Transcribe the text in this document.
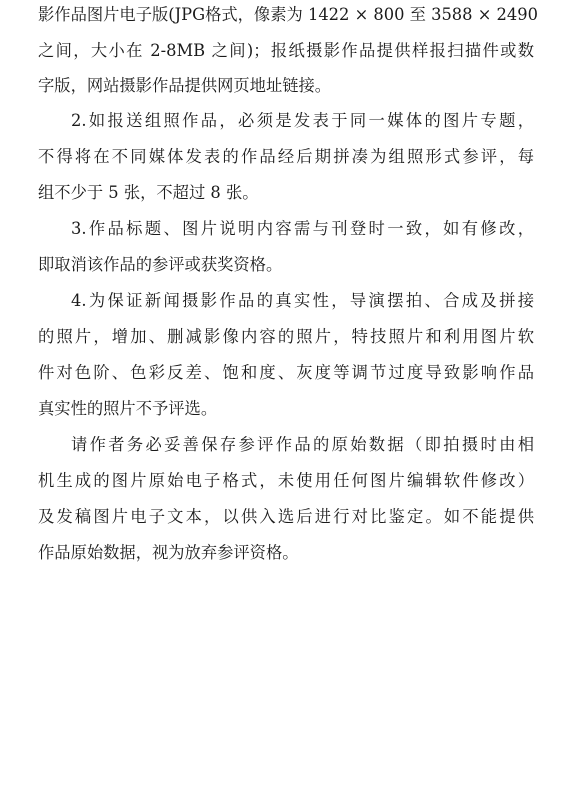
影作品图片电子版(JPG格式，像素为 1422 × 800 至 3588 × 2490

之间，大小在 2-8MB 之间)；报纸摄影作品提供样报扫描件或数

字版，网站摄影作品提供网页地址链接。

2.如报送组照作品，必须是发表于同一媒体的图片专题，

不得将在不同媒体发表的作品经后期拼凑为组照形式参评，每

组不少于 5 张，不超过 8 张。

3.作品标题、图片说明内容需与刊登时一致，如有修改，

即取消该作品的参评或获奖资格。

4.为保证新闻摄影作品的真实性，导演摆拍、合成及拼接

的照片，增加、删减影像内容的照片，特技照片和利用图片软

件对色阶、色彩反差、饱和度、灰度等调节过度导致影响作品

真实性的照片不予评选。

请作者务必妥善保存参评作品的原始数据（即拍摄时由相

机生成的图片原始电子格式，未使用任何图片编辑软件修改）

及发稿图片电子文本，以供入选后进行对比鉴定。如不能提供

作品原始数据，视为放弃参评资格。
